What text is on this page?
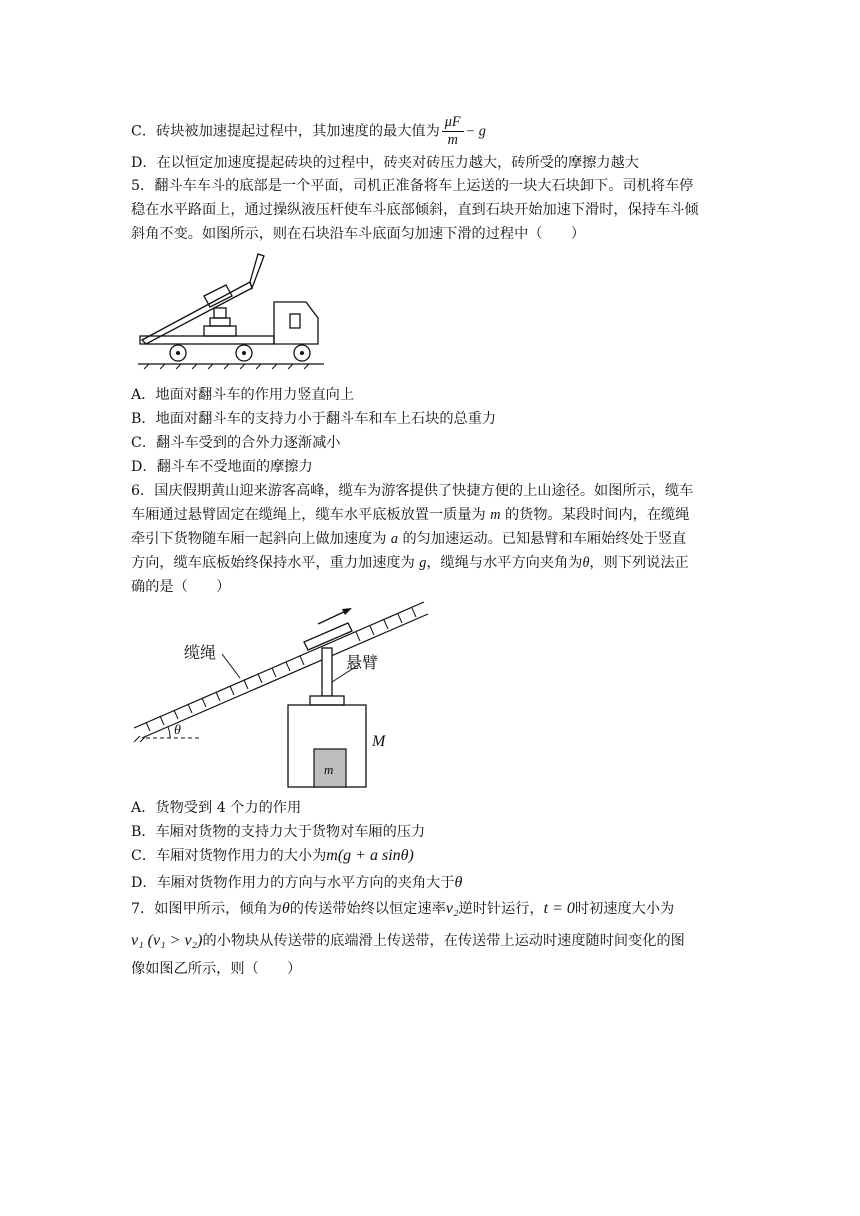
C．砖块被加速提起过程中，其加速度的最大值为 $\frac{\mu F}{m} - g$
D．在以恒定加速度提起砖块的过程中，砖夹对砖压力越大，砖所受的摩擦力越大
5．翻斗车车斗的底部是一个平面，司机正准备将车上运送的一块大石块卸下。司机将车停
稳在水平路面上，通过操纵液压杆使车斗底部倾斜，直到石块开始加速下滑时，保持车斗倾
斜角不变。如图所示，则在石块沿车斗底面匀加速下滑的过程中（　　）
A．地面对翻斗车的作用力竖直向上
B．地面对翻斗车的支持力小于翻斗车和车上石块的总重力
C．翻斗车受到的合外力逐渐减小
D．翻斗车不受地面的摩擦力
6．国庆假期黄山迎来游客高峰，缆车为游客提供了快捷方便的上山途径。如图所示，缆车
车厢通过悬臂固定在缆绳上，缆车水平底板放置一质量为 m 的货物。某段时间内，在缆绳
牵引下货物随车厢一起斜向上做加速度为 a 的匀加速运动。已知悬臂和车厢始终处于竖直
方向，缆车底板始终保持水平，重力加速度为 g，缆绳与水平方向夹角为θ，则下列说法正
确的是（　　）
缆绳
悬臂
M
m
θ
A．货物受到 4 个力的作用
B．车厢对货物的支持力大于货物对车厢的压力
C．车厢对货物作用力的大小为m(g + a sinθ)
D．车厢对货物作用力的方向与水平方向的夹角大于θ
7．如图甲所示，倾角为θ的传送带始终以恒定速率v₂逆时针运行，t = 0时初速度大小为
v₁ (v₁ > v₂)的小物块从传送带的底端滑上传送带，在传送带上运动时速度随时间变化的图
像如图乙所示，则（　　）
